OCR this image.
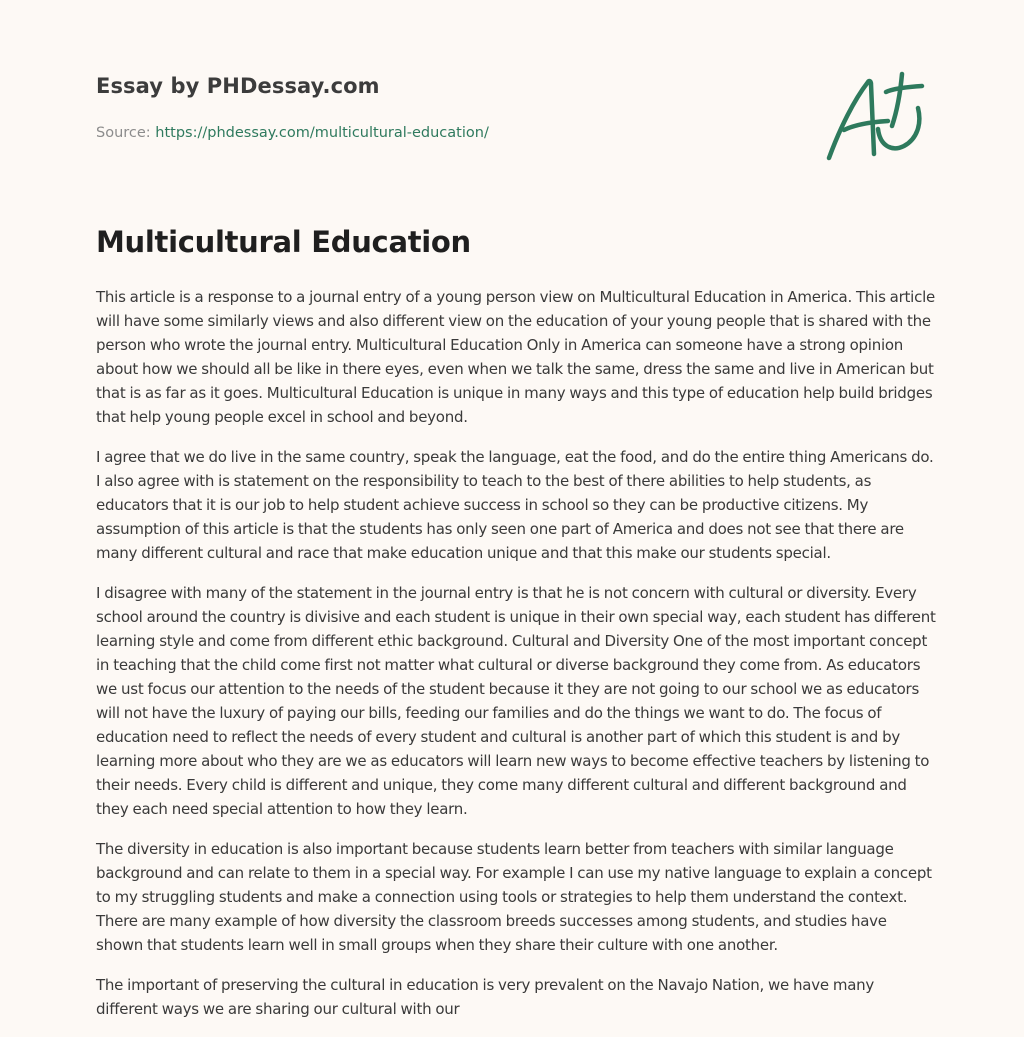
Essay by PHDessay.com
Source: https://phdessay.com/multicultural-education/
Multicultural Education

This article is a response to a journal entry of a young person view on Multicultural Education in America. This article will have some similarly views and also different view on the education of your young people that is shared with the person who wrote the journal entry. Multicultural Education Only in America can someone have a strong opinion about how we should all be like in there eyes, even when we talk the same, dress the same and live in American but that is as far as it goes. Multicultural Education is unique in many ways and this type of education help build bridges that help young people excel in school and beyond.

I agree that we do live in the same country, speak the language, eat the food, and do the entire thing Americans do. I also agree with is statement on the responsibility to teach to the best of there abilities to help students, as educators that it is our job to help student achieve success in school so they can be productive citizens. My assumption of this article is that the students has only seen one part of America and does not see that there are many different cultural and race that make education unique and that this make our students special.

I disagree with many of the statement in the journal entry is that he is not concern with cultural or diversity. Every school around the country is divisive and each student is unique in their own special way, each student has different learning style and come from different ethic background. Cultural and Diversity One of the most important concept in teaching that the child come first not matter what cultural or diverse background they come from. As educators we ust focus our attention to the needs of the student because it they are not going to our school we as educators will not have the luxury of paying our bills, feeding our families and do the things we want to do. The focus of education need to reflect the needs of every student and cultural is another part of which this student is and by learning more about who they are we as educators will learn new ways to become effective teachers by listening to their needs. Every child is different and unique, they come many different cultural and different background and they each need special attention to how they learn.

The diversity in education is also important because students learn better from teachers with similar language background and can relate to them in a special way. For example I can use my native language to explain a concept to my struggling students and make a connection using tools or strategies to help them understand the context. There are many example of how diversity the classroom breeds successes among students, and studies have shown that students learn well in small groups when they share their culture with one another.

The important of preserving the cultural in education is very prevalent on the Navajo Nation, we have many different ways we are sharing our cultural with our
